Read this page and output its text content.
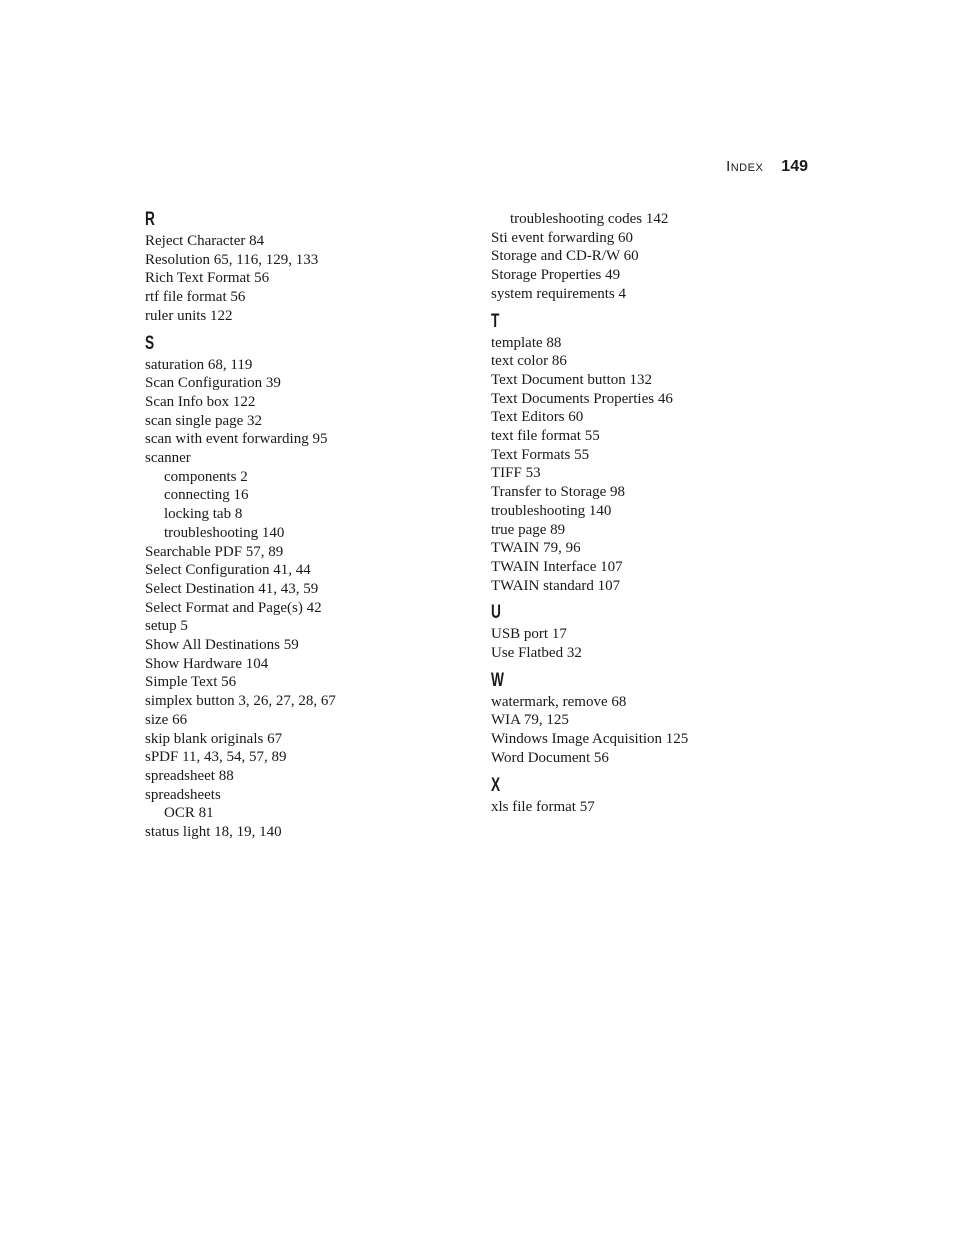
Index 149
R
Reject Character 84
Resolution 65, 116, 129, 133
Rich Text Format 56
rtf file format 56
ruler units 122
S
saturation 68, 119
Scan Configuration 39
Scan Info box 122
scan single page 32
scan with event forwarding 95
scanner
components 2
connecting 16
locking tab 8
troubleshooting 140
Searchable PDF 57, 89
Select Configuration 41, 44
Select Destination 41, 43, 59
Select Format and Page(s) 42
setup 5
Show All Destinations 59
Show Hardware 104
Simple Text 56
simplex button 3, 26, 27, 28, 67
size 66
skip blank originals 67
sPDF 11, 43, 54, 57, 89
spreadsheet 88
spreadsheets
OCR 81
status light 18, 19, 140
troubleshooting codes 142
Sti event forwarding 60
Storage and CD-R/W 60
Storage Properties 49
system requirements 4
T
template 88
text color 86
Text Document button 132
Text Documents Properties 46
Text Editors 60
text file format 55
Text Formats 55
TIFF 53
Transfer to Storage 98
troubleshooting 140
true page 89
TWAIN 79, 96
TWAIN Interface 107
TWAIN standard 107
U
USB port 17
Use Flatbed 32
W
watermark, remove 68
WIA 79, 125
Windows Image Acquisition 125
Word Document 56
X
xls file format 57
